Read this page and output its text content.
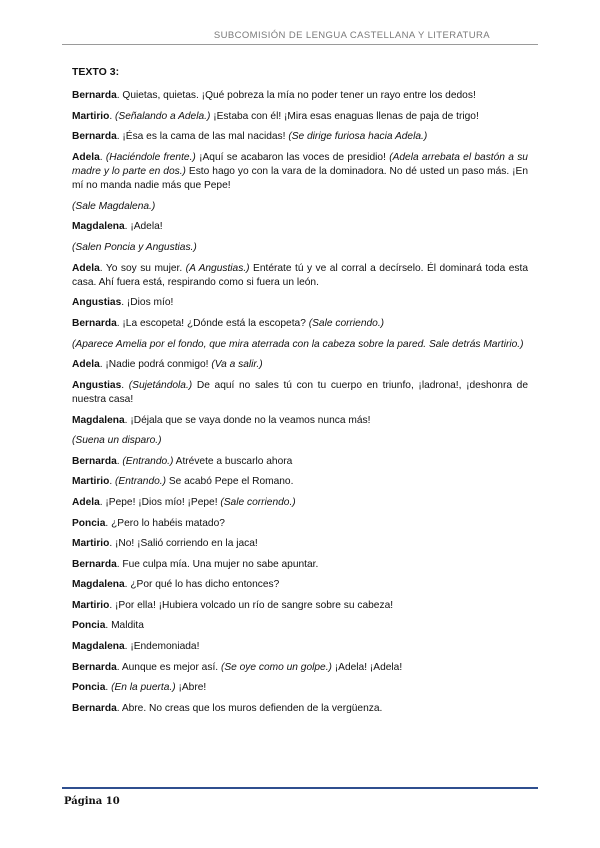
SUBCOMISIÓN DE LENGUA CASTELLANA Y LITERATURA
TEXTO 3:

Bernarda. Quietas, quietas. ¡Qué pobreza la mía no poder tener un rayo entre los dedos!

Martirio. (Señalando a Adela.) ¡Estaba con él! ¡Mira esas enaguas llenas de paja de trigo!

Bernarda. ¡Ésa es la cama de las mal nacidas! (Se dirige furiosa hacia Adela.)

Adela. (Haciéndole frente.) ¡Aquí se acabaron las voces de presidio! (Adela arrebata el bastón a su madre y lo parte en dos.) Esto hago yo con la vara de la dominadora. No dé usted un paso más. ¡En mí no manda nadie más que Pepe!

(Sale Magdalena.)

Magdalena. ¡Adela!

(Salen Poncia y Angustias.)

Adela. Yo soy su mujer. (A Angustias.) Entérate tú y ve al corral a decírselo. Él dominará toda esta casa. Ahí fuera está, respirando como si fuera un león.

Angustias. ¡Dios mío!

Bernarda. ¡La escopeta! ¿Dónde está la escopeta? (Sale corriendo.)

(Aparece Amelia por el fondo, que mira aterrada con la cabeza sobre la pared. Sale detrás Martirio.)

Adela. ¡Nadie podrá conmigo! (Va a salir.)

Angustias. (Sujetándola.) De aquí no sales tú con tu cuerpo en triunfo, ¡ladrona!, ¡deshonra de nuestra casa!

Magdalena. ¡Déjala que se vaya donde no la veamos nunca más!

(Suena un disparo.)

Bernarda. (Entrando.) Atrévete a buscarlo ahora

Martirio. (Entrando.) Se acabó Pepe el Romano.

Adela. ¡Pepe! ¡Dios mío! ¡Pepe! (Sale corriendo.)

Poncia. ¿Pero lo habéis matado?

Martirio. ¡No! ¡Salió corriendo en la jaca!

Bernarda. Fue culpa mía. Una mujer no sabe apuntar.

Magdalena. ¿Por qué lo has dicho entonces?

Martirio. ¡Por ella! ¡Hubiera volcado un río de sangre sobre su cabeza!

Poncia. Maldita

Magdalena. ¡Endemoniada!

Bernarda. Aunque es mejor así. (Se oye como un golpe.) ¡Adela! ¡Adela!

Poncia. (En la puerta.) ¡Abre!

Bernarda. Abre. No creas que los muros defienden de la vergüenza.

Página 10
